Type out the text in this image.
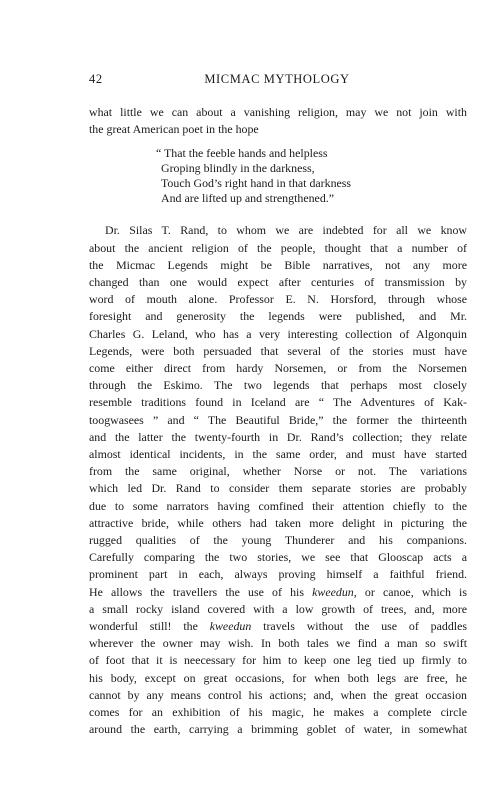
42	MICMAC MYTHOLOGY
what little we can about a vanishing religion, may we not join with
the great American poet in the hope
“ That the feeble hands and helpless
Groping blindly in the darkness,
Touch God’s right hand in that darkness
And are lifted up and strengthened.”
Dr. Silas T. Rand, to whom we are indebted for all we know
about the ancient religion of the people, thought that a number of
the Micmac Legends might be Bible narratives, not any more
changed than one would expect after centuries of transmission by
word of mouth alone. Professor E. N. Horsford, through whose
foresight and generosity the legends were published, and Mr.
Charles G. Leland, who has a very interesting collection of Algonquin
Legends, were both persuaded that several of the stories must have
come either direct from hardy Norsemen, or from the Norsemen
through the Eskimo. The two legends that perhaps most closely
resemble traditions found in Iceland are “ The Adventures of Kak-
toogwasees ” and “ The Beautiful Bride,” the former the thirteenth
and the latter the twenty-fourth in Dr. Rand’s collection; they relate
almost identical incidents, in the same order, and must have started
from the same original, whether Norse or not. The variations
which led Dr. Rand to consider them separate stories are probably
due to some narrators having comfined their attention chiefly to the
attractive bride, while others had taken more delight in picturing the
rugged qualities of the young Thunderer and his companions.
Carefully comparing the two stories, we see that Glooscap acts a
prominent part in each, always proving himself a faithful friend.
He allows the travellers the use of his kweedun, or canoe, which is
a small rocky island covered with a low growth of trees, and, more
wonderful still! the kweedun travels without the use of paddles
wherever the owner may wish. In both tales we find a man so swift
of foot that it is neecessary for him to keep one leg tied up firmly to
his body, except on great occasions, for when both legs are free, he
cannot by any means control his actions; and, when the great occasion
comes for an exhibition of his magic, he makes a complete circle
around the earth, carrying a brimming goblet of water, in somewhat
